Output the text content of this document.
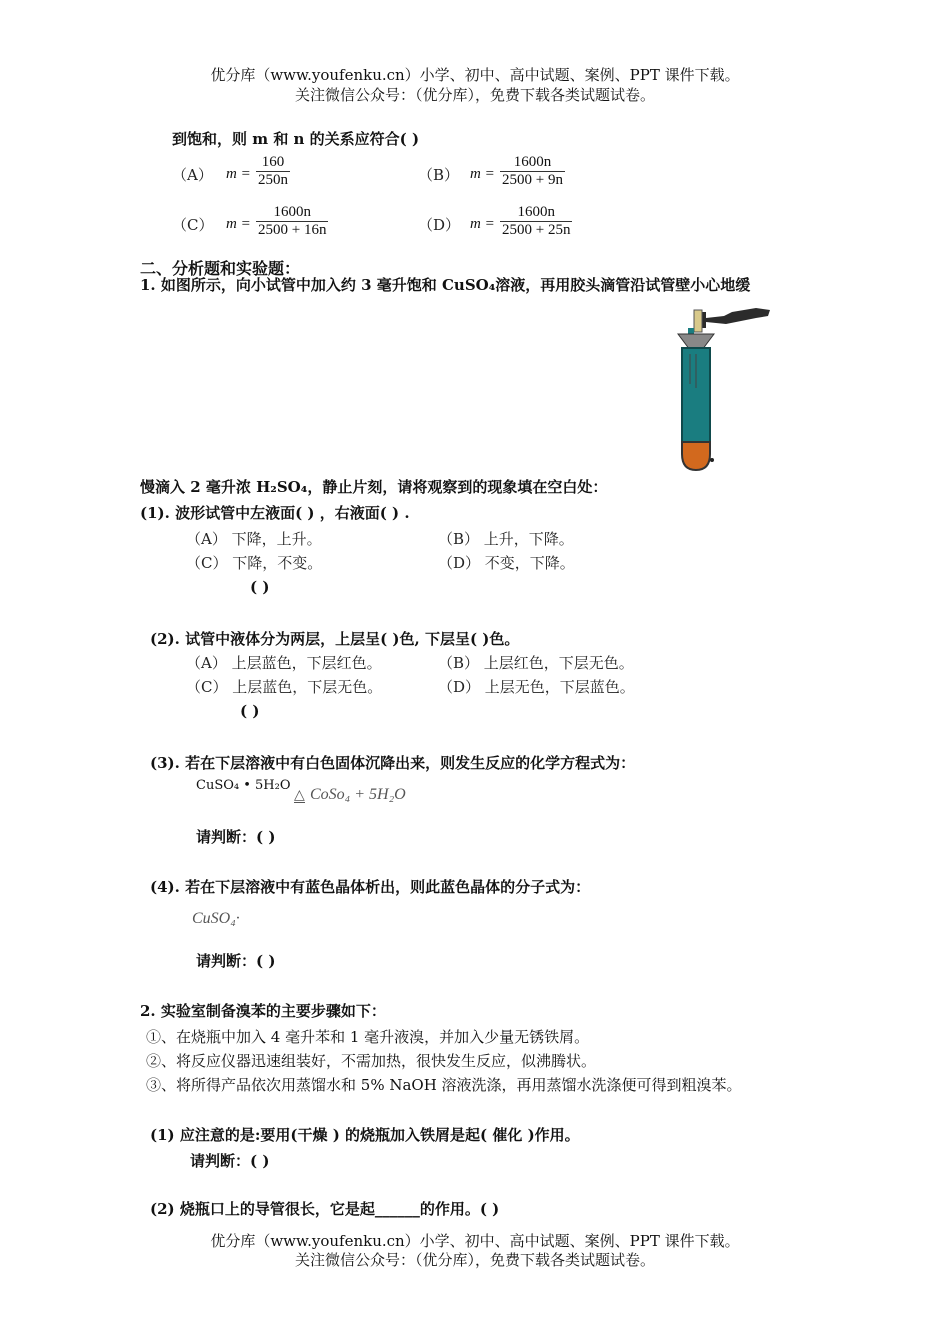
优分库（www.youfenku.cn）小学、初中、高中试题、案例、PPT 课件下载。
关注微信公众号：（优分库），免费下载各类试题试卷。
到饱和，则 m 和 n 的关系应符合( )
（A） $m = \frac{160}{250n}$	（B） $m = \frac{1600n}{2500 + 9n}$
（C） $m = \frac{1600n}{2500 + 16n}$	（D） $m = \frac{1600n}{2500 + 25n}$
二、分析题和实验题：
1. 如图所示，向小试管中加入约 3 毫升饱和 CuSO₄溶液，再用胶头滴管沿试管壁小心地缓
慢滴入 2 毫升浓 H₂SO₄，静止片刻，请将观察到的现象填在空白处：
(1). 波形试管中左液面( ) ，右液面( ) .
（A） 下降，上升。	（B） 上升，下降。
（C） 下降，不变。	（D） 不变，下降。
( )
(2). 试管中液体分为两层，上层呈( )色, 下层呈( )色。
（A） 上层蓝色，下层红色。	（B） 上层红色，下层无色。
（C） 上层蓝色，下层无色。	（D） 上层无色，下层蓝色。
( )
(3). 若在下层溶液中有白色固体沉降出来，则发生反应的化学方程式为：
CuSO₄ • 5H₂O
△ CoSo₄ + 5H₂O
请判断：( )
(4). 若在下层溶液中有蓝色晶体析出，则此蓝色晶体的分子式为：
CuSO₄·
请判断：( )
2. 实验室制备溴苯的主要步骤如下：
①、在烧瓶中加入 4 毫升苯和 1 毫升液溴，并加入少量无锈铁屑。
②、将反应仪器迅速组装好，不需加热，很快发生反应，似沸腾状。
③、将所得产品依次用蒸馏水和 5% NaOH 溶液洗涤，再用蒸馏水洗涤便可得到粗溴苯。
(1) 应注意的是:要用(干燥 ) 的烧瓶加入铁屑是起( 催化 )作用。
请判断：( )
(2) 烧瓶口上的导管很长，它是起______的作用。( )
优分库（www.youfenku.cn）小学、初中、高中试题、案例、PPT 课件下载。
关注微信公众号：（优分库），免费下载各类试题试卷。
